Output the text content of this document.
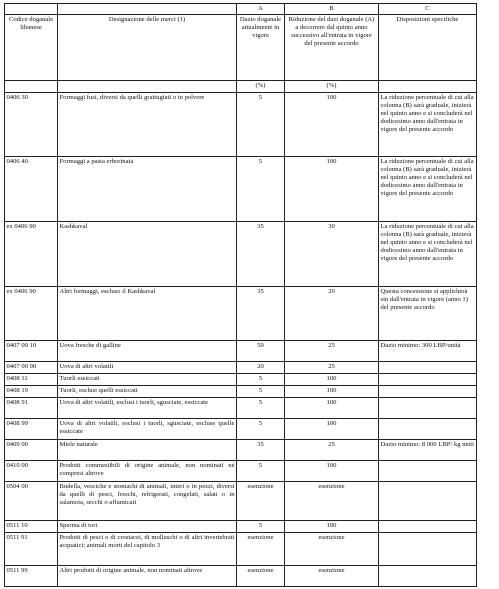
		A	B	C
Codice doganale libanese	Designazione delle merci (1)	Dazio doganale attualmente in vigore	Riduzione del dazi doganale (A) a decorrere dal quinto anno successivo all'entrata in vigore del presente accordo	Disposizioni specifiche
		(%)	(%)	
0406 30	Formaggi fusi, diversi da quelli grattugiati o in polvere	5	100	La riduzione percentuale di cui alla colonna (B) sarà graduale, inizierà nel quinto anno e si concluderà nel dodicesimo anno dall'entrata in vigore del presente accordo
0406 40	Formaggi a pasta erborinata	5	100	La riduzione percentuale di cui alla colonna (B) sarà graduale, inizierà nel quinto anno e si concluderà nel dodicesimo anno dall'entrata in vigore del presente accordo
ex 0406 90	Kashkaval	35	30	La riduzione percentuale di cui alla colonna (B) sarà graduale, inizierà nel quinto anno e si concluderà nel dodicesimo anno dall'entrata in vigore del presente accordo
ex 0406 90	Altri formaggi, escluso il Kashkaval	35	20	Questa concessione si applicherà sin dall'entrata in vigore (anno 1) del presente accordo
0407 00 10	Uova fresche di galline	50	25	Dazio minimo: 300 LBP/unità
0407 00 90	Uova di altri volatili	20	25	
0408 11	Tuorli essiccati	5	100	
0408 19	Tuorli, esclusi quelli essiccati	5	100	
0408 91	Uova di altri volatili, esclusi i tuorli, sgusciate, essiccate	5	100	
0408 99	Uova di altri volatili, esclusi i tuorli, sgusciate, escluse quelle essiccate	5	100	
0409 00	Miele naturale	35	25	Dazio minimo: 8 000 LBP/ kg netti
0410 00	Prodotti commestibili di origine animale, non nominati né compresi altrove	5	100	
0504 00	Budella, vesciche e stomachi di animali, interi o in pezzi, diversi da quelli di pesci, freschi, refrigerati, congelati, salati o in salamoia, secchi o affumicati	esenzione	esenzione	
0511 10	Sperma di tori	5	100	
0511 91	Prodotti di pesci o di crostacei, di molluschi o di altri invertebrati acquatici; animali morti del capitolo 3	esenzione	esenzione	
0511 99	Altri prodotti di origine animale, non nominati altrove	esenzione	esenzione	
